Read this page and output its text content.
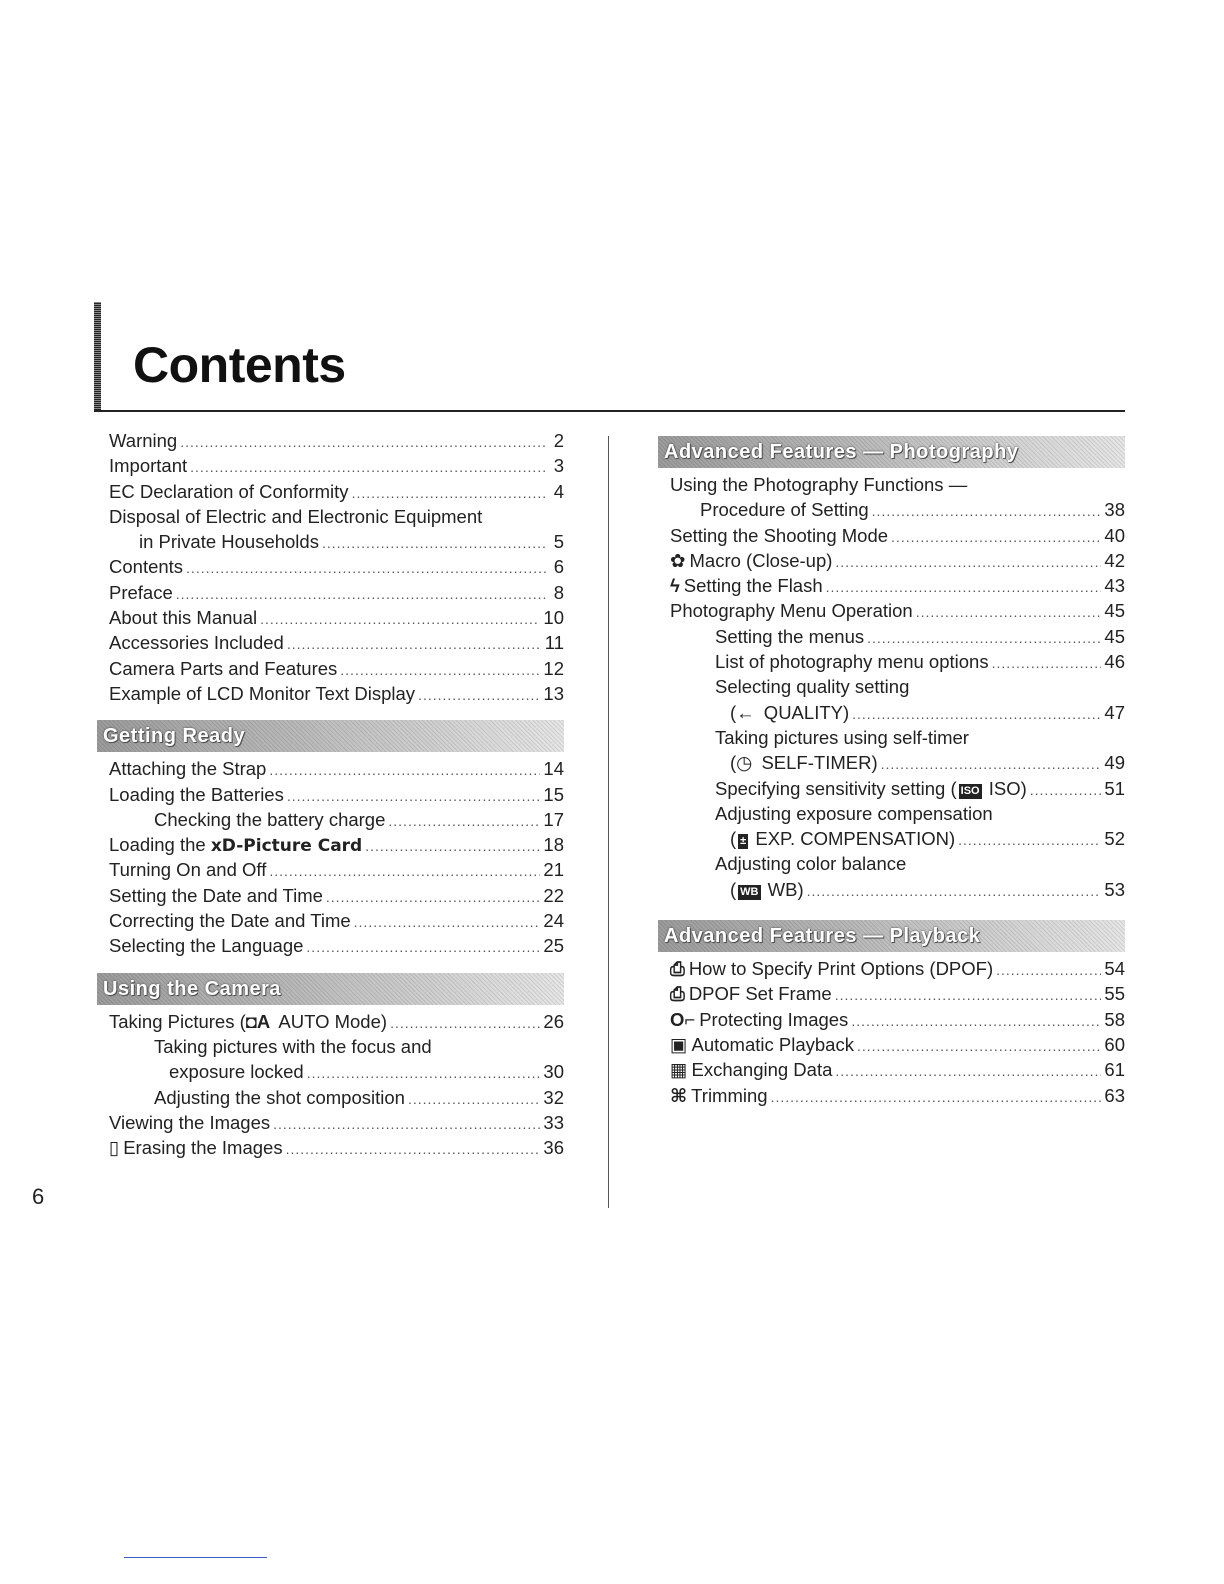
Contents
Warning .....	2
Important .....	3
EC Declaration of Conformity .....	4
Disposal of Electric and Electronic Equipment
in Private Households .....	5
Contents .....	6
Preface .....	8
About this Manual .....	10
Accessories Included .....	11
Camera Parts and Features .....	12
Example of LCD Monitor Text Display .....	13
Getting Ready
Attaching the Strap .....	14
Loading the Batteries .....	15
Checking the battery charge .....	17
Loading the xD-Picture Card .....	18
Turning On and Off .....	21
Setting the Date and Time .....	22
Correcting the Date and Time .....	24
Selecting the Language .....	25
Using the Camera
Taking Pictures (◘A AUTO Mode) .....	26
Taking pictures with the focus and
exposure locked .....	30
Adjusting the shot composition .....	32
Viewing the Images .....	33
▯ Erasing the Images .....	36
Advanced Features — Photography
Using the Photography Functions —
Procedure of Setting .....	38
Setting the Shooting Mode .....	40
✿ Macro (Close-up) .....	42
ϟ Setting the Flash .....	43
Photography Menu Operation .....	45
Setting the menus .....	45
List of photography menu options .....	46
Selecting quality setting
(← QUALITY) .....	47
Taking pictures using self-timer
(◷ SELF-TIMER) .....	49
Specifying sensitivity setting ( ISO ISO) .....	51
Adjusting exposure compensation
( ± EXP. COMPENSATION) .....	52
Adjusting color balance
( WB WB) .....	53
Advanced Features — Playback
⎙ How to Specify Print Options (DPOF) .....	54
⎙ DPOF Set Frame .....	55
O⌐ Protecting Images .....	58
▣ Automatic Playback .....	60
▦ Exchanging Data .....	61
⌘ Trimming .....	63
6
